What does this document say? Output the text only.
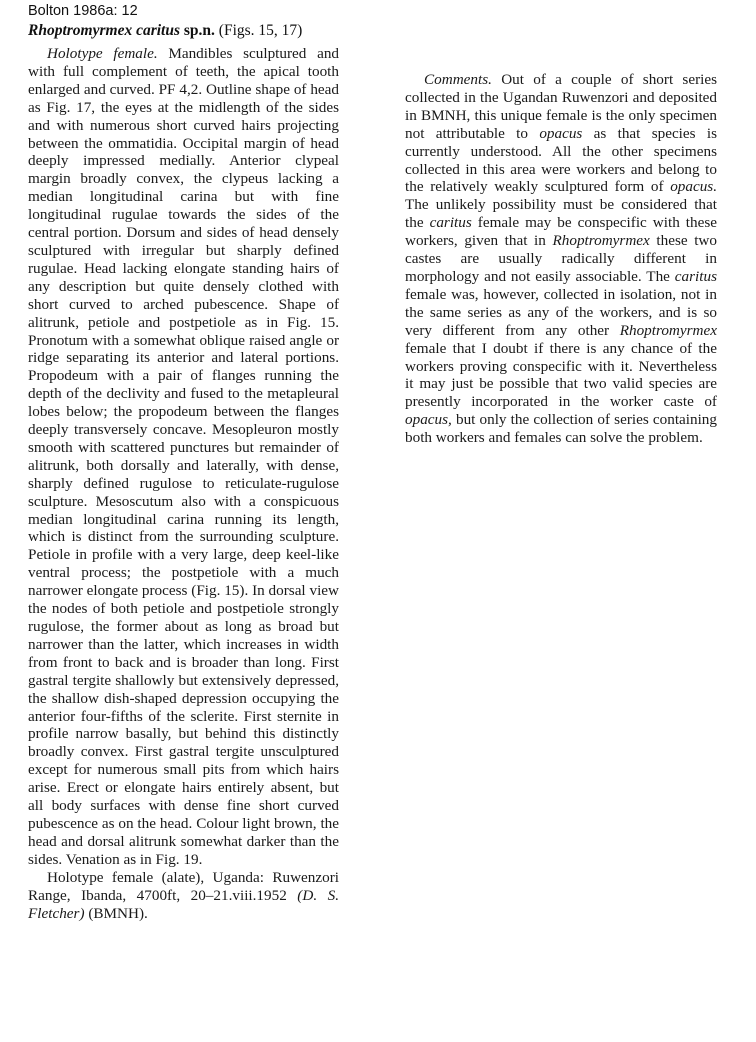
Bolton 1986a: 12
Rhoptromyrmex caritus sp.n. (Figs. 15, 17)

Holotype female. Mandibles sculptured and with full complement of teeth, the apical tooth enlarged and curved. PF 4,2. Outline shape of head as Fig. 17, the eyes at the midlength of the sides and with numerous short curved hairs projecting between the ommatidia. Occipital margin of head deeply impressed medially. Anterior clypeal margin broadly convex, the clypeus lacking a median longitudinal carina but with fine longitudinal rugulae towards the sides of the central portion. Dorsum and sides of head densely sculptured with irregular but sharply defined rugulae. Head lacking elongate standing hairs of any description but quite densely clothed with short curved to arched pubescence. Shape of alitrunk, petiole and postpetiole as in Fig. 15. Pronotum with a somewhat oblique raised angle or ridge separating its anterior and lateral portions. Propodeum with a pair of flanges running the depth of the declivity and fused to the metapleural lobes below; the propodeum between the flanges deeply transversely concave. Mesopleuron mostly smooth with scattered punctures but remainder of alitrunk, both dorsally and laterally, with dense, sharply defined rugulose to reticulate-rugulose sculpture. Mesoscutum also with a conspicuous median longitudinal carina running its length, which is distinct from the surrounding sculpture. Petiole in profile with a very large, deep keel-like ventral process; the postpetiole with a much narrower elongate process (Fig. 15). In dorsal view the nodes of both petiole and postpetiole strongly rugulose, the former about as long as broad but narrower than the latter, which increases in width from front to back and is broader than long. First gastral tergite shallowly but extensively depressed, the shallow dish-shaped depression occupying the anterior four-fifths of the sclerite. First sternite in profile narrow basally, but behind this distinctly broadly convex. First gastral tergite unsculptured except for numerous small pits from which hairs arise. Erect or elongate hairs entirely absent, but all body surfaces with dense fine short curved pubescence as on the head. Colour light brown, the head and dorsal alitrunk somewhat darker than the sides. Venation as in Fig. 19.

Holotype female (alate), Uganda: Ruwenzori Range, Ibanda, 4700ft, 20–21.viii.1952 (D. S. Fletcher) (BMNH).

Comments. Out of a couple of short series collected in the Ugandan Ruwenzori and deposited in BMNH, this unique female is the only specimen not attributable to opacus as that species is currently understood. All the other specimens collected in this area were workers and belong to the relatively weakly sculptured form of opacus. The unlikely possibility must be considered that the caritus female may be conspecific with these workers, given that in Rhoptromyrmex these two castes are usually radically different in morphology and not easily associable. The caritus female was, however, collected in isolation, not in the same series as any of the workers, and is so very different from any other Rhoptromyrmex female that I doubt if there is any chance of the workers proving conspecific with it. Nevertheless it may just be possible that two valid species are presently incorporated in the worker caste of opacus, but only the collection of series containing both workers and females can solve the problem.
